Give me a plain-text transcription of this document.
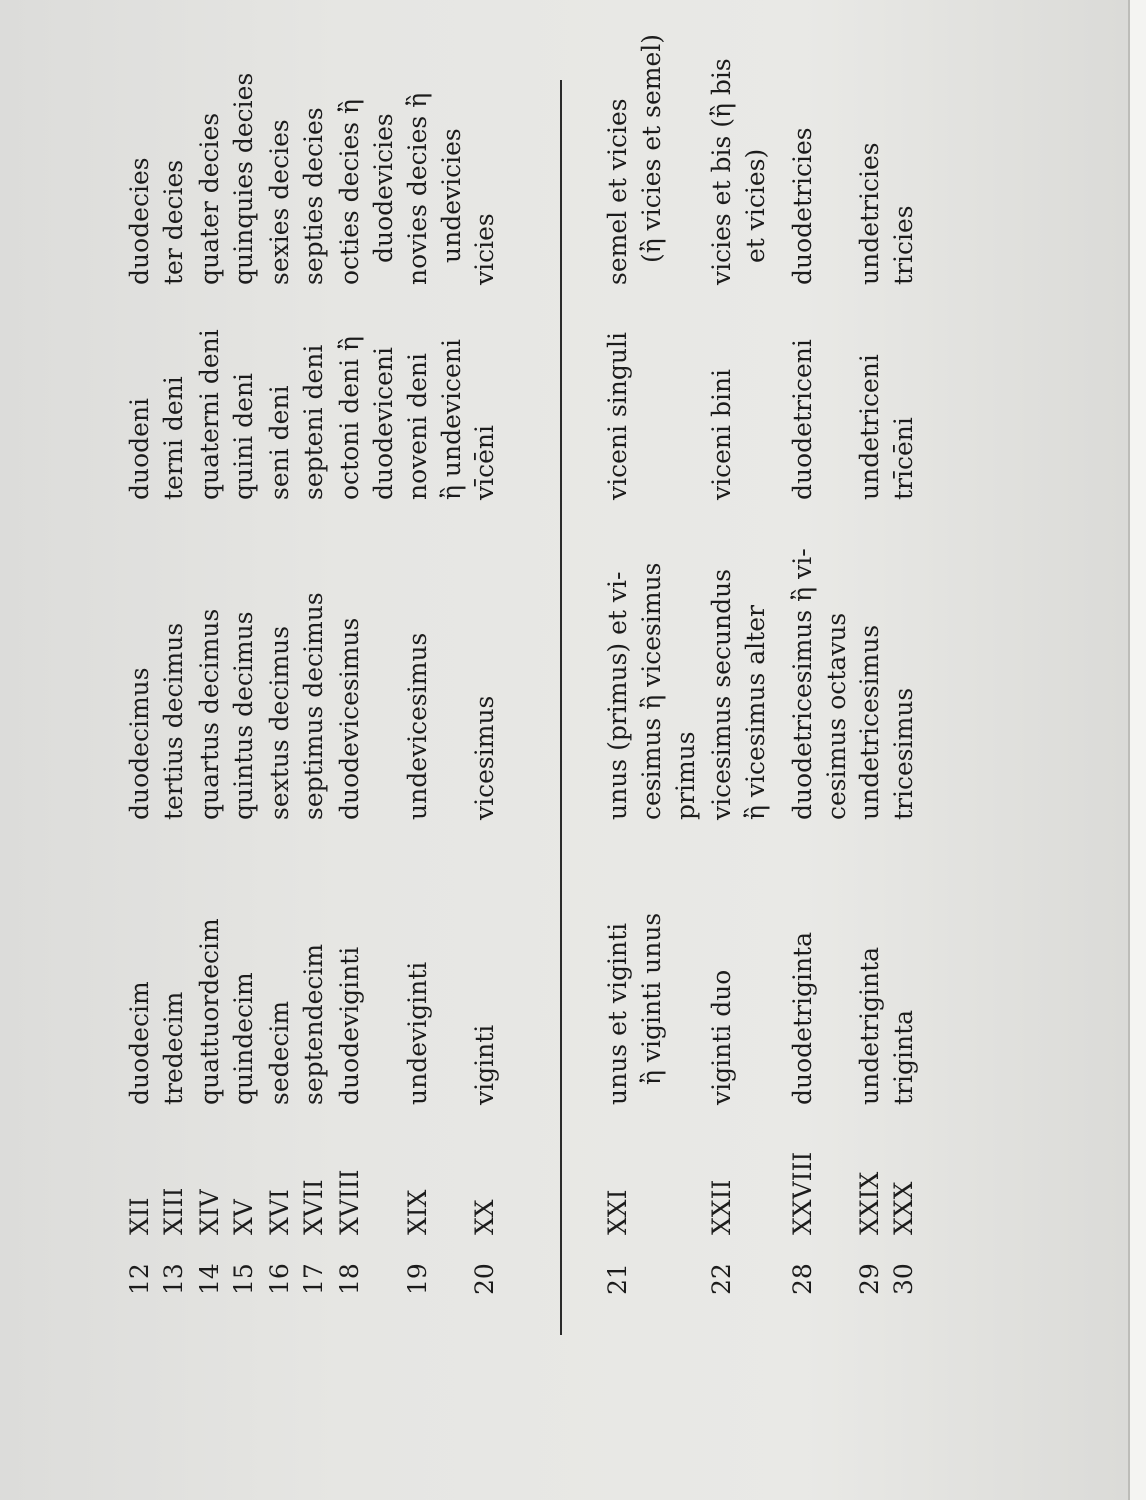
12
XII
duodecim
duodecimus
duodeni
duodecies
13
XIII
tredecim
tertius decimus
terni deni
ter decies
14
XIV
quattuordecim
quartus decimus
quaterni deni
quater decies
15
XV
quindecim
quintus decimus
quini deni
quinquies decies
16
XVI
sedecim
sextus decimus
seni deni
sexies decies
17
XVII
septendecim
septimus decimus
septeni deni
septies decies
18
XVIII
duodeviginti
duodevicesimus
octoni deni ἢ duodeviceni
octies decies ἢ duodevicies
19
XIX
undeviginti
undevicesimus
noveni deni ἢ undeviceni
novies decies ἢ undevicies
20
XX
viginti
vicesimus
vīcēni
vicies
21
XXI
unus et viginti ἢ viginti unus
unus (primus) et vi- cesimus ἢ vicesimus primus
viceni singuli
semel et vicies (ἢ vicies et semel)
22
XXII
viginti duo
vicesimus secundus ἢ vicesimus alter
viceni bini
vicies et bis (ἢ bis et vicies)
28
XXVIII
duodetriginta
duodetricesimus ἢ vi- cesimus octavus
duodetriceni
duodetricies
29
XXIX
undetriginta
undetricesimus
undetriceni
undetricies
30
XXX
triginta
tricesimus
trīcēni
tricies
